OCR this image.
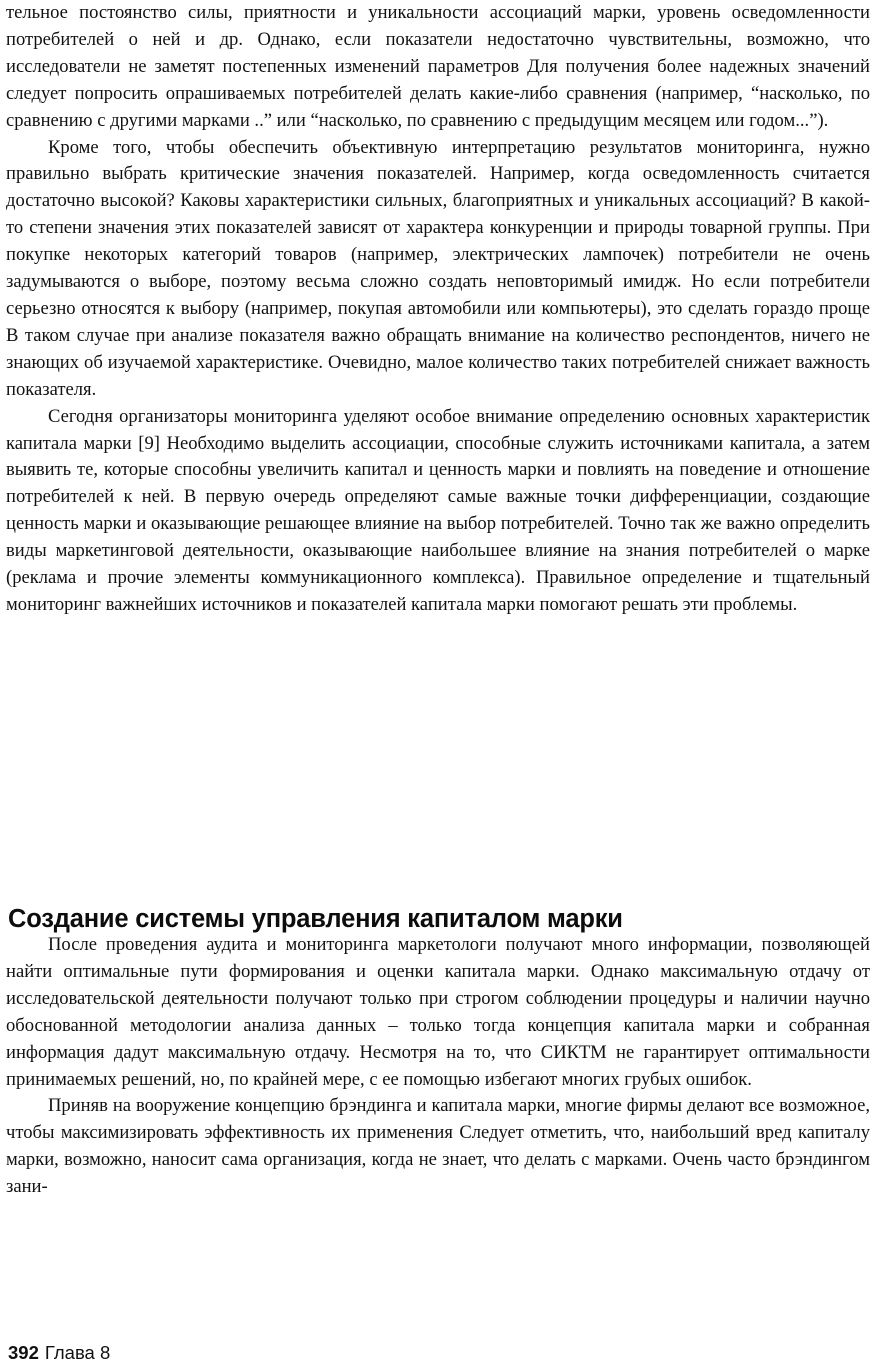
тельное постоянство силы, приятности и уникальности ассоциаций марки, уровень осведомленности потребителей о ней и др. Однако, если показатели недостаточно чувствительны, возможно, что исследователи не заметят постепенных изменений параметров Для получения более надежных значений следует попросить опрашиваемых потребителей делать какие-либо сравнения (например, “насколько, по сравнению с другими марками ..” или “насколько, по сравнению с предыдущим месяцем или годом...”).

Кроме того, чтобы обеспечить объективную интерпретацию результатов мониторинга, нужно правильно выбрать критические значения показателей. Например, когда осведомленность считается достаточно высокой? Каковы характеристики сильных, благоприятных и уникальных ассоциаций? В какой-то степени значения этих показателей зависят от характера конкуренции и природы товарной группы. При покупке некоторых категорий товаров (например, электрических лампочек) потребители не очень задумываются о выборе, поэтому весьма сложно создать неповторимый имидж. Но если потребители серьезно относятся к выбору (например, покупая автомобили или компьютеры), это сделать гораздо проще В таком случае при анализе показателя важно обращать внимание на количество респондентов, ничего не знающих об изучаемой характеристике. Очевидно, малое количество таких потребителей снижает важность показателя.

Сегодня организаторы мониторинга уделяют особое внимание определению основных характеристик капитала марки [9] Необходимо выделить ассоциации, способные служить источниками капитала, а затем выявить те, которые способны увеличить капитал и ценность марки и повлиять на поведение и отношение потребителей к ней. В первую очередь определяют самые важные точки дифференциации, создающие ценность марки и оказывающие решающее влияние на выбор потребителей. Точно так же важно определить виды маркетинговой деятельности, оказывающие наибольшее влияние на знания потребителей о марке (реклама и прочие элементы коммуникационного комплекса). Правильное определение и тщательный мониторинг важнейших источников и показателей капитала марки помогают решать эти проблемы.

Создание системы управления капиталом марки

После проведения аудита и мониторинга маркетологи получают много информации, позволяющей найти оптимальные пути формирования и оценки капитала марки. Однако максимальную отдачу от исследовательской деятельности получают только при строгом соблюдении процедуры и наличии научно обоснованной методологии анализа данных – только тогда концепция капитала марки и собранная информация дадут максимальную отдачу. Несмотря на то, что СИКТМ не гарантирует оптимальности принимаемых решений, но, по крайней мере, с ее помощью избегают многих грубых ошибок.

Приняв на вооружение концепцию брэндинга и капитала марки, многие фирмы делают все возможное, чтобы максимизировать эффективность их применения Следует отметить, что, наибольший вред капиталу марки, возможно, наносит сама организация, когда не знает, что делать с марками. Очень часто брэндингом зани-

392 Глава 8
